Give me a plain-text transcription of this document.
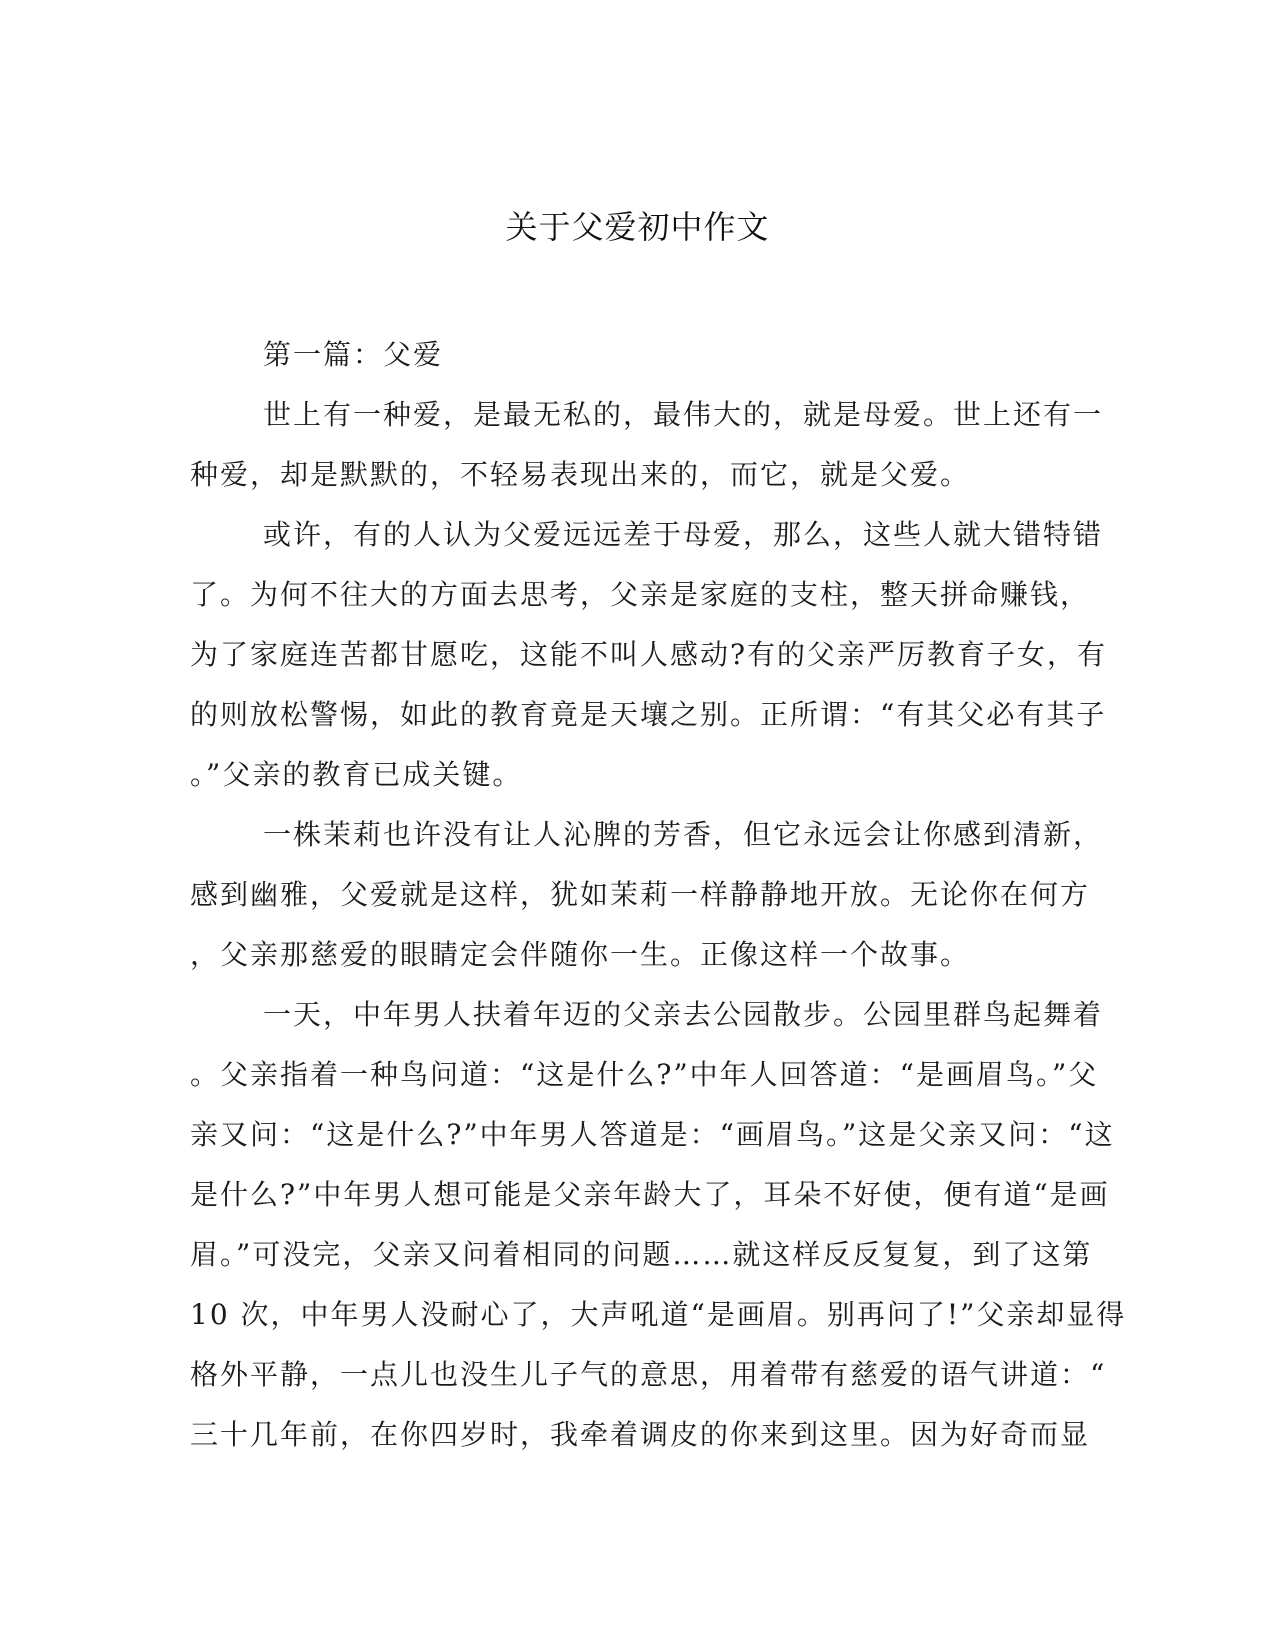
关于父爱初中作文
第一篇：父爱
世上有一种爱，是最无私的，最伟大的，就是母爱。世上还有一
种爱，却是默默的，不轻易表现出来的，而它，就是父爱。
或许，有的人认为父爱远远差于母爱，那么，这些人就大错特错
了。为何不往大的方面去思考，父亲是家庭的支柱，整天拼命赚钱，
为了家庭连苦都甘愿吃，这能不叫人感动?有的父亲严厉教育子女，有
的则放松警惕，如此的教育竟是天壤之别。正所谓：“有其父必有其子
。”父亲的教育已成关键。
一株茉莉也许没有让人沁脾的芳香，但它永远会让你感到清新，
感到幽雅，父爱就是这样，犹如茉莉一样静静地开放。无论你在何方
，父亲那慈爱的眼睛定会伴随你一生。正像这样一个故事。
一天，中年男人扶着年迈的父亲去公园散步。公园里群鸟起舞着
。父亲指着一种鸟问道：“这是什么?”中年人回答道：“是画眉鸟。”父
亲又问：“这是什么?”中年男人答道是：“画眉鸟。”这是父亲又问：“这
是什么?”中年男人想可能是父亲年龄大了，耳朵不好使，便有道“是画
眉。”可没完，父亲又问着相同的问题……就这样反反复复，到了这第
10 次，中年男人没耐心了，大声吼道“是画眉。别再问了!”父亲却显得
格外平静，一点儿也没生儿子气的意思，用着带有慈爱的语气讲道：“
三十几年前，在你四岁时，我牵着调皮的你来到这里。因为好奇而显
